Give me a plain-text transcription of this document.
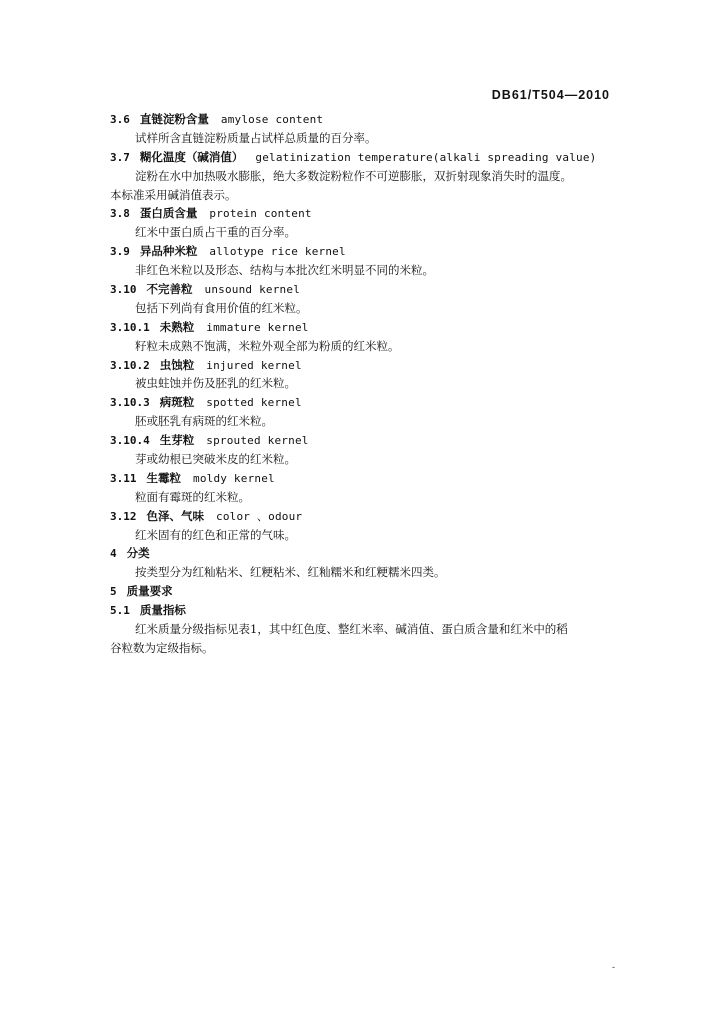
DB61/T504—2010
3.6 直链淀粉含量 amylose content
试样所含直链淀粉质量占试样总质量的百分率。
3.7 糊化温度（碱消值） gelatinization temperature(alkali spreading value)
淀粉在水中加热吸水膨胀，绝大多数淀粉粒作不可逆膨胀，双折射现象消失时的温度。
本标准采用碱消值表示。
3.8 蛋白质含量 protein content
红米中蛋白质占干重的百分率。
3.9 异品种米粒 allotype rice kernel
非红色米粒以及形态、结构与本批次红米明显不同的米粒。
3.10 不完善粒 unsound kernel
包括下列尚有食用价值的红米粒。
3.10.1 未熟粒 immature kernel
籽粒未成熟不饱满，米粒外观全部为粉质的红米粒。
3.10.2 虫蚀粒 injured kernel
被虫蛀蚀并伤及胚乳的红米粒。
3.10.3 病斑粒 spotted kernel
胚或胚乳有病斑的红米粒。
3.10.4 生芽粒 sprouted kernel
芽或幼根已突破米皮的红米粒。
3.11 生霉粒 moldy kernel
粒面有霉斑的红米粒。
3.12 色泽、气味 color 、odour
红米固有的红色和正常的气味。
4 分类
按类型分为红籼粘米、红粳粘米、红籼糯米和红粳糯米四类。
5 质量要求
5.1 质量指标
红米质量分级指标见表1，其中红色度、整红米率、碱消值、蛋白质含量和红米中的稻
谷粒数为定级指标。
-
